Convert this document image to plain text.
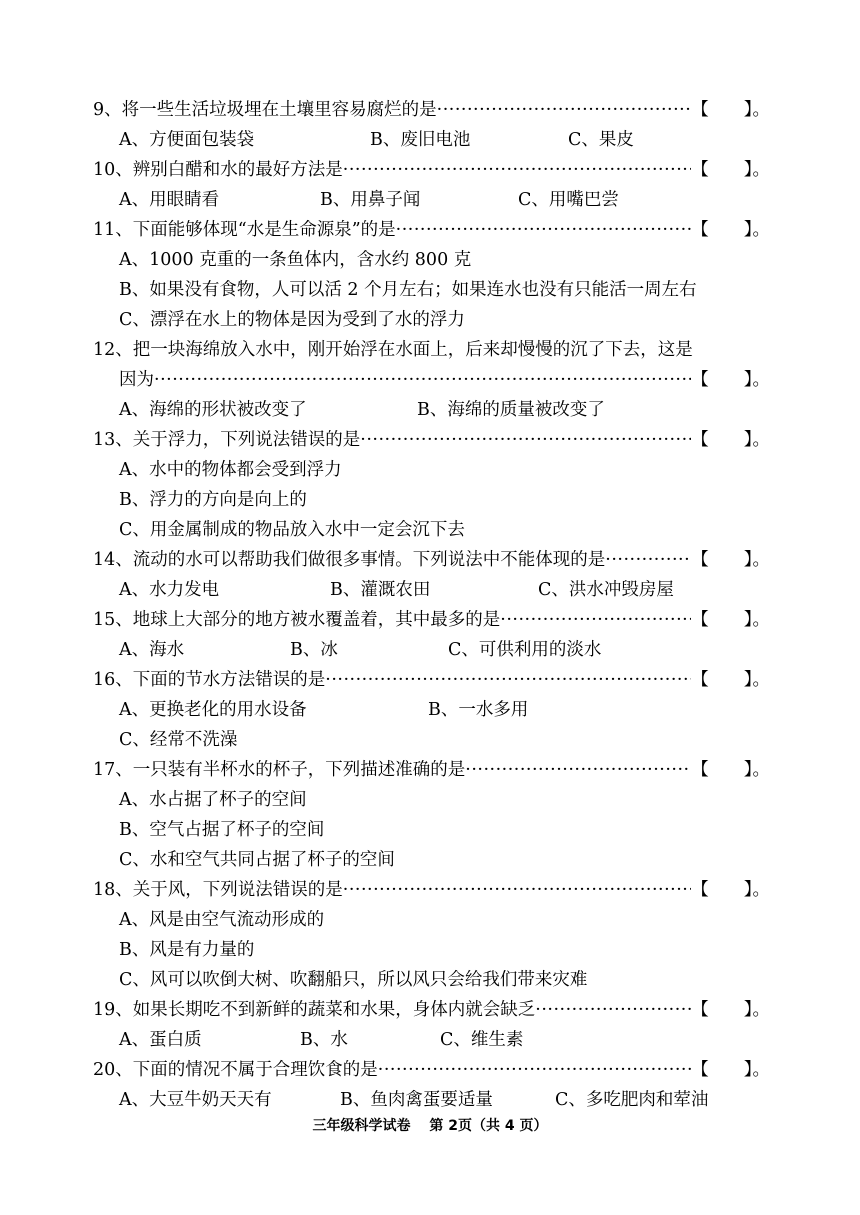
9、将一些生活垃圾埋在土壤里容易腐烂的是 ·····	【　　】。
A、方便面包装袋	B、废旧电池	C、果皮
10、辨别白醋和水的最好方法是 ·····	【　　】。
A、用眼睛看	B、用鼻子闻	C、用嘴巴尝
11、下面能够体现“水是生命源泉”的是 ·····	【　　】。
A、1000 克重的一条鱼体内，含水约 800 克
B、如果没有食物，人可以活 2 个月左右；如果连水也没有只能活一周左右
C、漂浮在水上的物体是因为受到了水的浮力
12、把一块海绵放入水中，刚开始浮在水面上，后来却慢慢的沉了下去，这是
因为 ·····	【　　】。
A、海绵的形状被改变了	B、海绵的质量被改变了
13、关于浮力，下列说法错误的是 ·····	【　　】。
A、水中的物体都会受到浮力
B、浮力的方向是向上的
C、用金属制成的物品放入水中一定会沉下去
14、流动的水可以帮助我们做很多事情。下列说法中不能体现的是 ·····	【　　】。
A、水力发电	B、灌溉农田	C、洪水冲毁房屋
15、地球上大部分的地方被水覆盖着，其中最多的是 ·····	【　　】。
A、海水	B、冰	C、可供利用的淡水
16、下面的节水方法错误的是 ·····	【　　】。
A、更换老化的用水设备	B、一水多用
C、经常不洗澡
17、一只装有半杯水的杯子，下列描述准确的是 ·····	【　　】。
A、水占据了杯子的空间
B、空气占据了杯子的空间
C、水和空气共同占据了杯子的空间
18、关于风，下列说法错误的是 ·····	【　　】。
A、风是由空气流动形成的
B、风是有力量的
C、风可以吹倒大树、吹翻船只，所以风只会给我们带来灾难
19、如果长期吃不到新鲜的蔬菜和水果，身体内就会缺乏 ·····	【　　】。
A、蛋白质	B、水	C、维生素
20、下面的情况不属于合理饮食的是 ·····	【　　】。
A、大豆牛奶天天有	B、鱼肉禽蛋要适量	C、多吃肥肉和荤油
三年级科学试卷　 第 2页（共 4 页）
